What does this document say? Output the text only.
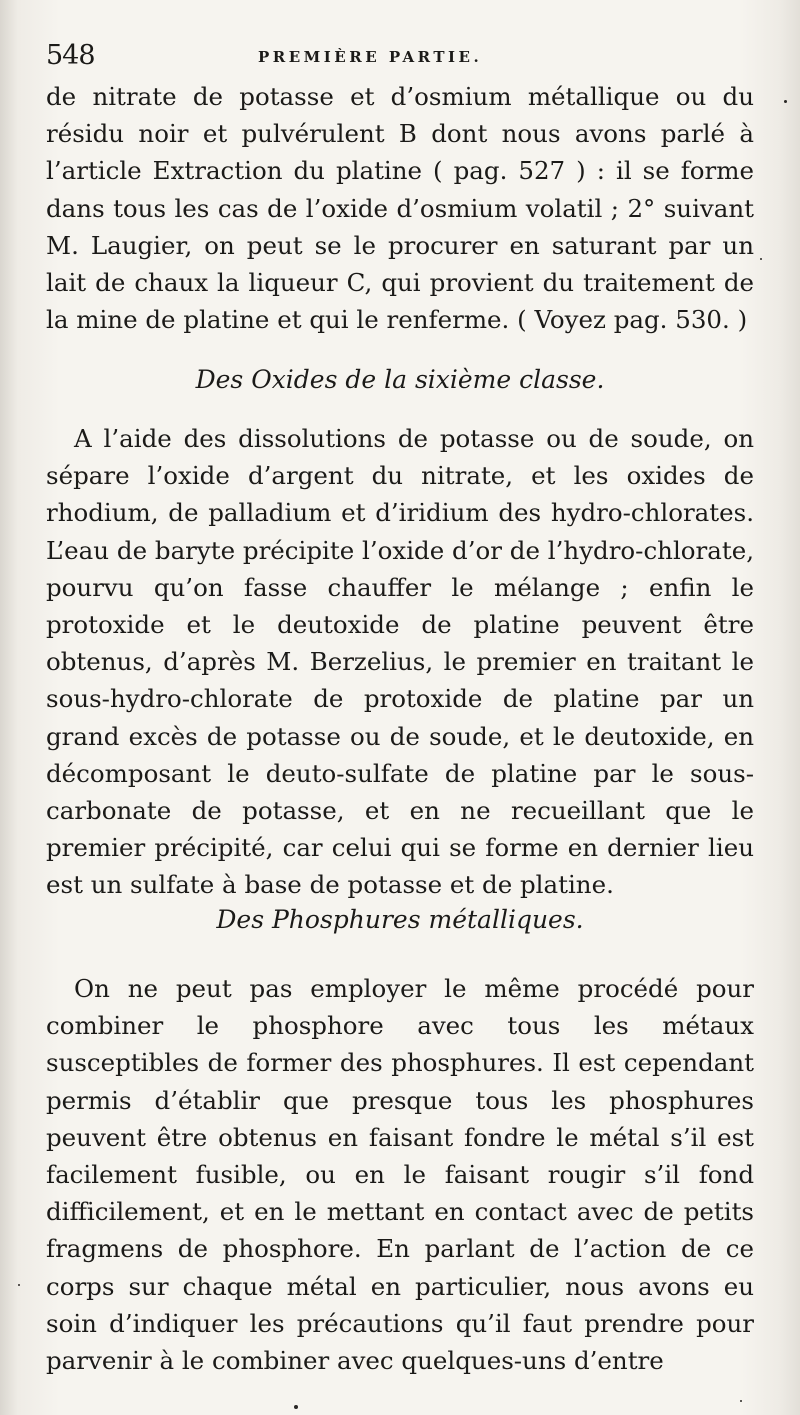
548	PREMIÈRE PARTIE.

de nitrate de potasse et d’osmium métallique ou du résidu noir et pulvérulent B dont nous avons parlé à l’article Extraction du platine ( pag. 527 ) : il se forme dans tous les cas de l’oxide d’osmium volatil ; 2° suivant M. Laugier, on peut se le procurer en saturant par un lait de chaux la liqueur C, qui provient du traitement de la mine de platine et qui le renferme. ( Voyez pag. 530. )

Des Oxides de la sixième classe.

A l’aide des dissolutions de potasse ou de soude, on sépare l’oxide d’argent du nitrate, et les oxides de rhodium, de palladium et d’iridium des hydro-chlorates. L’eau de baryte précipite l’oxide d’or de l’hydro-chlorate, pourvu qu’on fasse chauffer le mélange ; enfin le protoxide et le deutoxide de platine peuvent être obtenus, d’après M. Berzelius, le premier en traitant le sous-hydro-chlorate de protoxide de platine par un grand excès de potasse ou de soude, et le deutoxide, en décomposant le deuto-sulfate de platine par le sous-carbonate de potasse, et en ne recueillant que le premier précipité, car celui qui se forme en dernier lieu est un sulfate à base de potasse et de platine.

Des Phosphures métalliques.

On ne peut pas employer le même procédé pour combiner le phosphore avec tous les métaux susceptibles de former des phosphures. Il est cependant permis d’établir que presque tous les phosphures peuvent être obtenus en faisant fondre le métal s’il est facilement fusible, ou en le faisant rougir s’il fond difficilement, et en le mettant en contact avec de petits fragmens de phosphore. En parlant de l’action de ce corps sur chaque métal en particulier, nous avons eu soin d’indiquer les précautions qu’il faut prendre pour parvenir à le combiner avec quelques-uns d’entre
